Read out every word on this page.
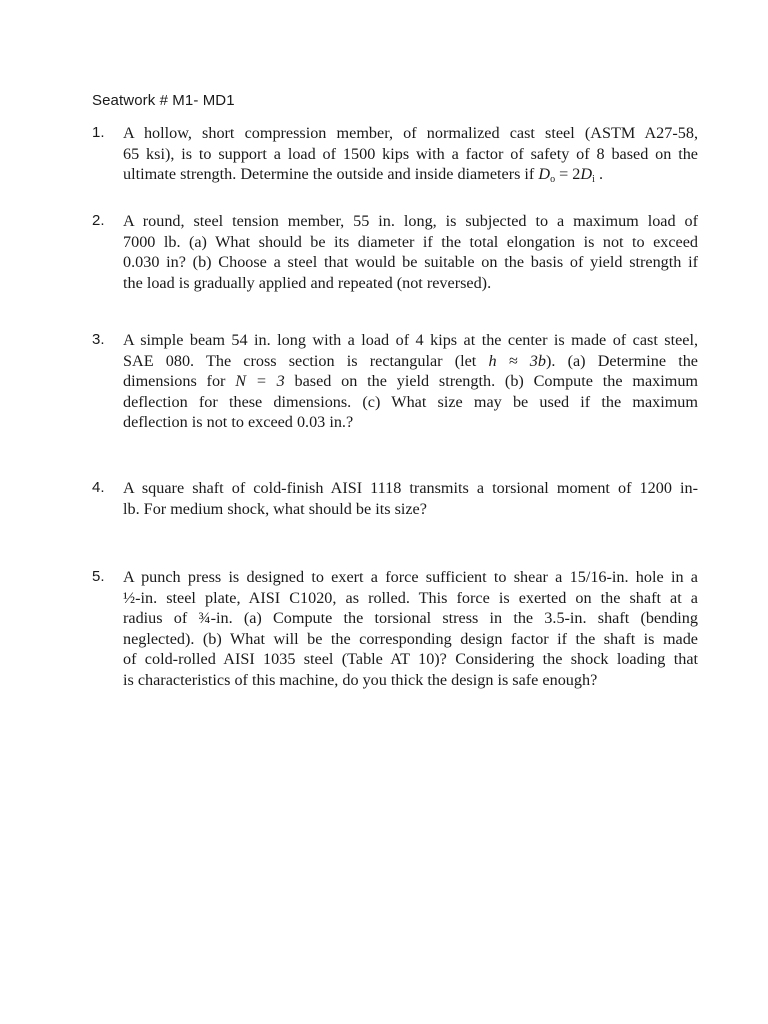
Seatwork # M1- MD1
1. A hollow, short compression member, of normalized cast steel (ASTM A27-58,
65 ksi), is to support a load of 1500 kips with a factor of safety of 8 based on the
ultimate strength. Determine the outside and inside diameters if $D_o = 2D_i$ .

2. A round, steel tension member, 55 in. long, is subjected to a maximum load of
7000 lb. (a) What should be its diameter if the total elongation is not to exceed
0.030 in? (b) Choose a steel that would be suitable on the basis of yield strength if
the load is gradually applied and repeated (not reversed).

3. A simple beam 54 in. long with a load of 4 kips at the center is made of cast steel,
SAE 080. The cross section is rectangular (let h ≈ 3b). (a) Determine the
dimensions for N = 3 based on the yield strength. (b) Compute the maximum
deflection for these dimensions. (c) What size may be used if the maximum
deflection is not to exceed 0.03 in.?

4. A square shaft of cold-finish AISI 1118 transmits a torsional moment of 1200 in-
lb. For medium shock, what should be its size?

5. A punch press is designed to exert a force sufficient to shear a 15/16-in. hole in a
½-in. steel plate, AISI C1020, as rolled. This force is exerted on the shaft at a
radius of ¾-in. (a) Compute the torsional stress in the 3.5-in. shaft (bending
neglected). (b) What will be the corresponding design factor if the shaft is made
of cold-rolled AISI 1035 steel (Table AT 10)? Considering the shock loading that
is characteristics of this machine, do you thick the design is safe enough?
